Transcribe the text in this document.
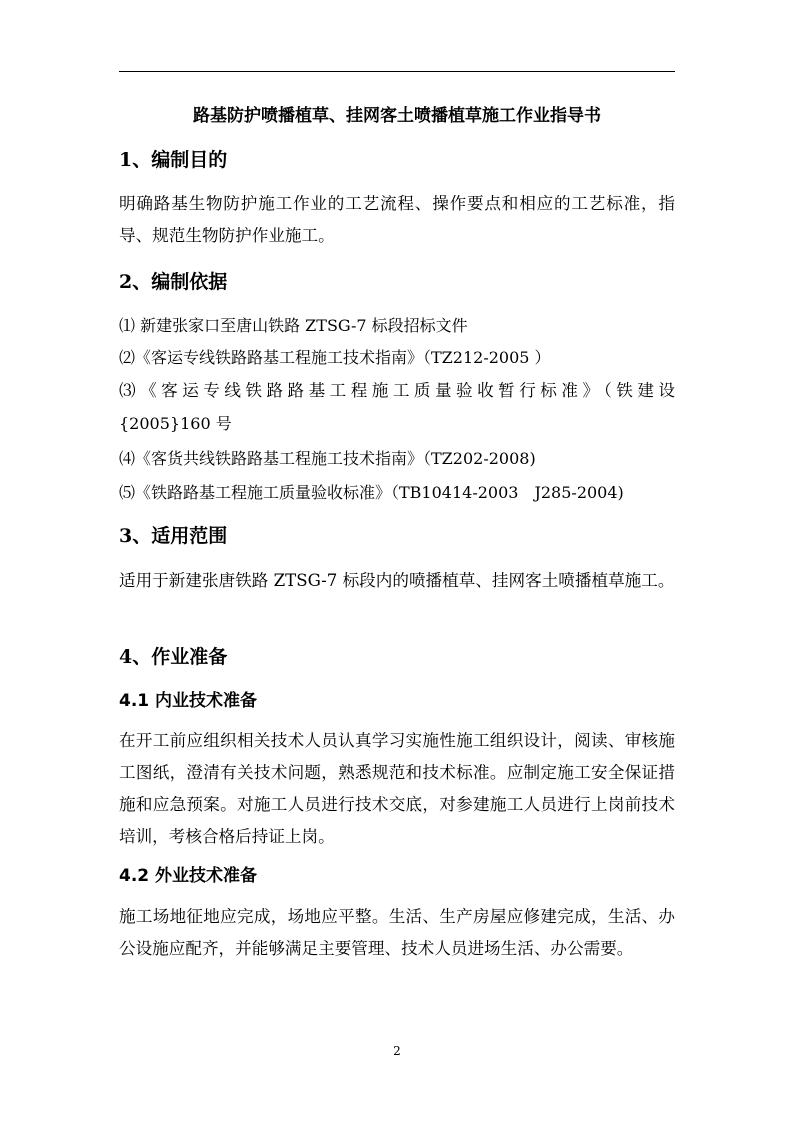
路基防护喷播植草、挂网客土喷播植草施工作业指导书
1、编制目的
明确路基生物防护施工作业的工艺流程、操作要点和相应的工艺标准，指导、规范生物防护作业施工。
2、编制依据
⑴ 新建张家口至唐山铁路 ZTSG-7 标段招标文件
⑵《客运专线铁路路基工程施工技术指南》（TZ212-2005 ）
⑶《客运专线铁路路基工程施工质量验收暂行标准》（铁建设
{2005}160 号
⑷《客货共线铁路路基工程施工技术指南》（TZ202-2008)
⑸《铁路路基工程施工质量验收标准》（TB10414-2003　J285-2004)
3、适用范围
适用于新建张唐铁路 ZTSG-7 标段内的喷播植草、挂网客土喷播植草施工。
4、作业准备
4.1 内业技术准备
在开工前应组织相关技术人员认真学习实施性施工组织设计，阅读、审核施工图纸，澄清有关技术问题，熟悉规范和技术标准。应制定施工安全保证措施和应急预案。对施工人员进行技术交底，对参建施工人员进行上岗前技术培训，考核合格后持证上岗。
4.2 外业技术准备
施工场地征地应完成，场地应平整。生活、生产房屋应修建完成，生活、办公设施应配齐，并能够满足主要管理、技术人员进场生活、办公需要。
2
